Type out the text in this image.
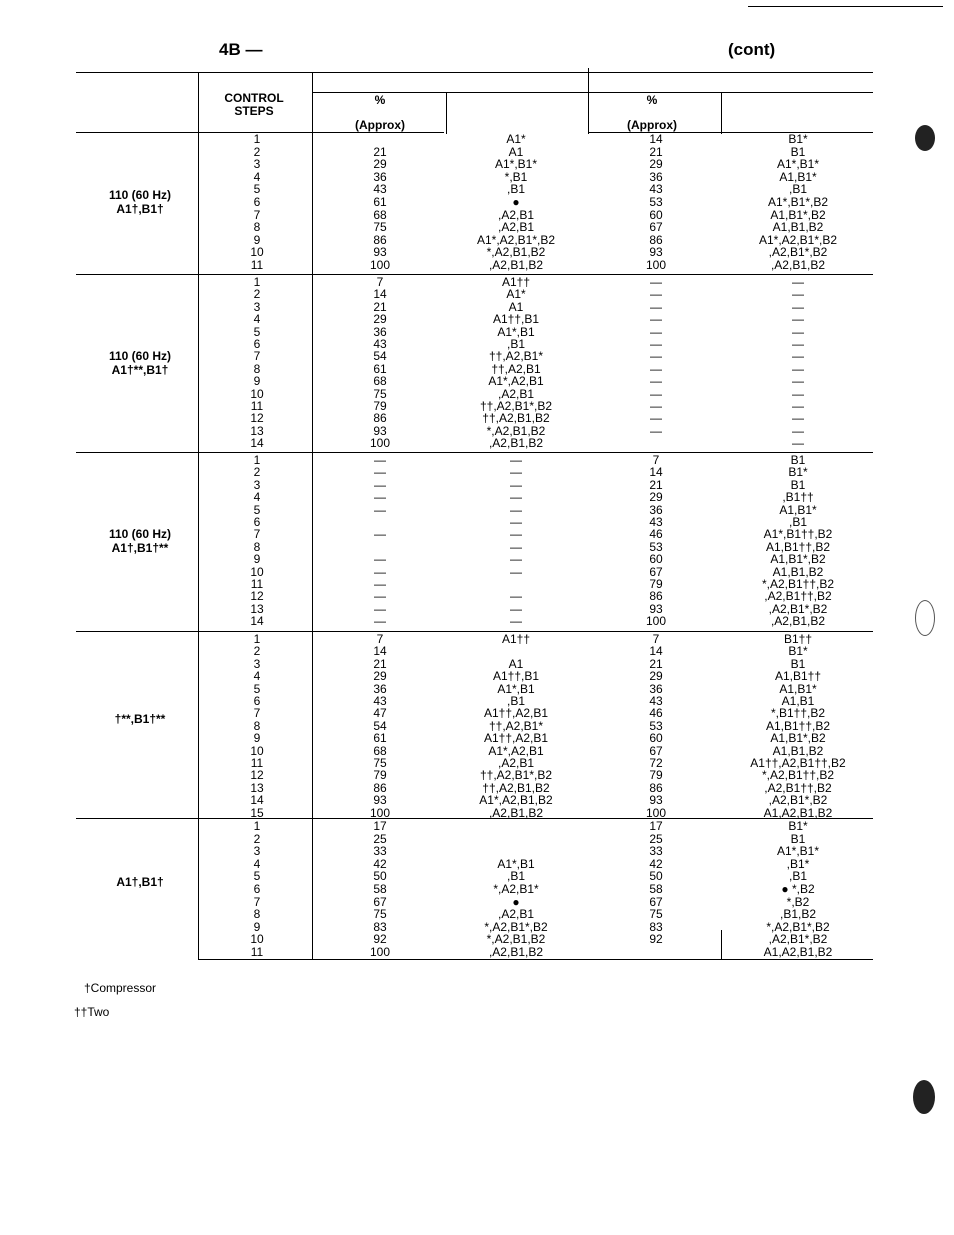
4B —	(cont)
CONTROL STEPS
%
(Approx)
%
(Approx)
110 (60 Hz)
A1†,B1†
1
2
3
4
5
6
7
8
9
10
11
21
29
36
43
61
68
75
86
93
100
A1*
A1
A1*,B1*
*,B1
,B1
●
,A2,B1
,A2,B1
A1*,A2,B1*,B2
*,A2,B1,B2
,A2,B1,B2
14
21
29
36
43
53
60
67
86
93
100
B1*
B1
A1*,B1*
A1,B1*
,B1
A1*,B1*,B2
A1,B1*,B2
A1,B1,B2
A1*,A2,B1*,B2
,A2,B1*,B2
,A2,B1,B2
110 (60 Hz)
A1†**,B1†
1
2
3
4
5
6
7
8
9
10
11
12
13
14
7
14
21
29
36
43
54
61
68
75
79
86
93
100
A1††
A1*
A1
A1††,B1
A1*,B1
,B1
††,A2,B1*
††,A2,B1
A1*,A2,B1
,A2,B1
††,A2,B1*,B2
††,A2,B1,B2
*,A2,B1,B2
,A2,B1,B2
—
—
—
—
—
—
—
—
—
—
—
—
—
—
—
—
—
—
—
—
—
—
—
—
—
—
—
110 (60 Hz)
A1†,B1†**
1
2
3
4
5
6
7
8
9
10
11
12
13
14
—
—
—
—
—
—
—
—
—
—
—
—
—
—
—
—
—
—
—
—
—
—
—
—
—
7
14
21
29
36
43
46
53
60
67
79
86
93
100
B1
B1*
B1
,B1††
A1,B1*
,B1
A1*,B1††,B2
A1,B1††,B2
A1,B1*,B2
A1,B1,B2
*,A2,B1††,B2
,A2,B1††,B2
,A2,B1*,B2
,A2,B1,B2
†**,B1†**
1
2
3
4
5
6
7
8
9
10
11
12
13
14
15
7
14
21
29
36
43
47
54
61
68
75
79
86
93
100
A1††
A1
A1††,B1
A1*,B1
,B1
A1††,A2,B1
††,A2,B1*
A1††,A2,B1
A1*,A2,B1
,A2,B1
††,A2,B1*,B2
††,A2,B1,B2
A1*,A2,B1,B2
,A2,B1,B2
7
14
21
29
36
43
46
53
60
67
72
79
86
93
100
B1††
B1*
B1
A1,B1††
A1,B1*
A1,B1
*,B1††,B2
A1,B1††,B2
A1,B1*,B2
A1,B1,B2
A1††,A2,B1††,B2
*,A2,B1††,B2
,A2,B1††,B2
,A2,B1*,B2
A1,A2,B1,B2
A1†,B1†
1
2
3
4
5
6
7
8
9
10
11
17
25
33
42
50
58
67
75
83
92
100
A1*,B1
,B1
*,A2,B1*
●
,A2,B1
*,A2,B1*,B2
*,A2,B1,B2
,A2,B1,B2
17
25
33
42
50
58
67
75
83
92
B1*
B1
A1*,B1*
,B1*
,B1
● *,B2
*,B2
,B1,B2
*,A2,B1*,B2
,A2,B1*,B2
A1,A2,B1,B2
†Compressor
††Two
